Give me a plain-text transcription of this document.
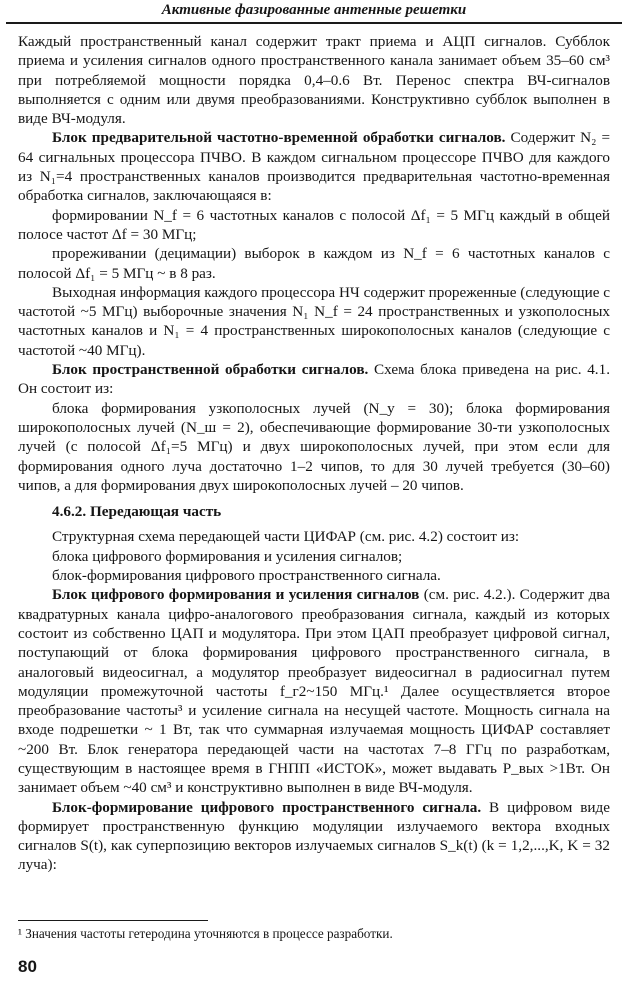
Активные фазированные антенные решетки

Каждый пространственный канал содержит тракт приема и АЦП сигналов. Субблок приема и усиления сигналов одного пространственного канала занимает объем 35–60 см³ при потребляемой мощности порядка 0,4–0.6 Вт. Перенос спектра ВЧ-сигналов выполняется с одним или двумя преобразованиями. Конструктивно субблок выполнен в виде ВЧ-модуля.

Блок предварительной частотно-временной обработки сигналов. Содержит N₂ = 64 сигнальных процессора ПЧВО. В каждом сигнальном процессоре ПЧВО для каждого из N₁=4 пространственных каналов производится предварительная частотно-временная обработка сигналов, заключающаяся в:

формировании N_f = 6 частотных каналов с полосой Δf₁ = 5 МГц каждый в общей полосе частот Δf = 30 МГц;

прореживании (децимации) выборок в каждом из N_f = 6 частотных каналов с полосой Δf₁ = 5 МГц ~ в 8 раз.

Выходная информация каждого процессора НЧ содержит прореженные (следующие с частотой ~5 МГц) выборочные значения N₁ N_f = 24 пространственных и узкополосных частотных каналов и N₁ = 4 пространственных широкополосных каналов (следующие с частотой ~40 МГц).

Блок пространственной обработки сигналов. Схема блока приведена на рис. 4.1. Он состоит из:

блока формирования узкополосных лучей (N_у = 30); блока формирования широкополосных лучей (N_ш = 2), обеспечивающие формирование 30-ти узкополосных лучей (с полосой Δf₁=5 МГц) и двух широкополосных лучей, при этом если для формирования одного луча достаточно 1–2 чипов, то для 30 лучей требуется (30–60) чипов, а для формирования двух широкополосных лучей – 20 чипов.

4.6.2. Передающая часть

Структурная схема передающей части ЦИФАР (см. рис. 4.2) состоит из:

блока цифрового формирования и усиления сигналов;

блок-формирования цифрового пространственного сигнала.

Блок цифрового формирования и усиления сигналов (см. рис. 4.2.). Содержит два квадратурных канала цифро-аналогового преобразования сигнала, каждый из которых состоит из собственно ЦАП и модулятора. При этом ЦАП преобразует цифровой сигнал, поступающий от блока формирования цифрового пространственного сигнала, в аналоговый видеосигнал, а модулятор преобразует видеосигнал в радиосигнал путем модуляции промежуточной частоты f_г2~150 МГц.¹ Далее осуществляется второе преобразование частоты³ и усиление сигнала на несущей частоте. Мощность сигнала на входе подрешетки ~ 1 Вт, так что суммарная излучаемая мощность ЦИФАР составляет ~200 Вт. Блок генератора передающей части на частотах 7–8 ГГц по разработкам, существующим в настоящее время в ГНПП «ИСТОК», может выдавать P_вых >1Вт. Он занимает объем ~40 см³ и конструктивно выполнен в виде ВЧ-модуля.

Блок-формирование цифрового пространственного сигнала. В цифровом виде формирует пространственную функцию модуляции излучаемого вектора входных сигналов S(t), как суперпозицию векторов излучаемых сигналов S_k(t) (k = 1,2,...,K, K = 32 луча):

¹ Значения частоты гетеродина уточняются в процессе разработки.
80
